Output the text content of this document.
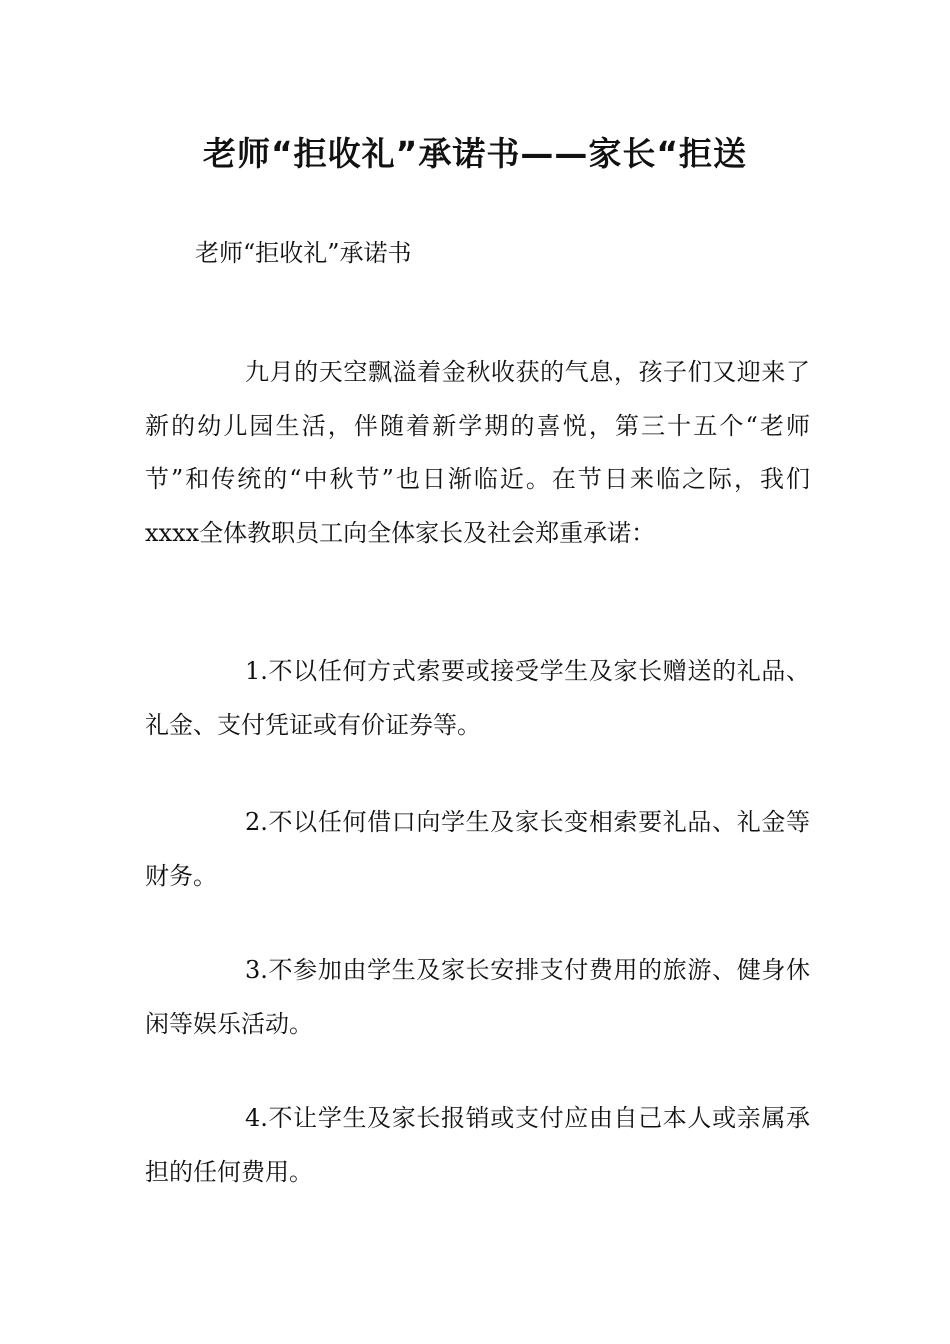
老师“拒收礼”承诺书——家长“拒送
老师“拒收礼”承诺书

九月的天空飘溢着金秋收获的气息，孩子们又迎来了新的幼儿园生活，伴随着新学期的喜悦，第三十五个“老师节”和传统的“中秋节”也日渐临近。在节日来临之际，我们xxxx全体教职员工向全体家长及社会郑重承诺：

1.不以任何方式索要或接受学生及家长赠送的礼品、礼金、支付凭证或有价证券等。

2.不以任何借口向学生及家长变相索要礼品、礼金等财务。

3.不参加由学生及家长安排支付费用的旅游、健身休闲等娱乐活动。

4.不让学生及家长报销或支付应由自己本人或亲属承担的任何费用。
